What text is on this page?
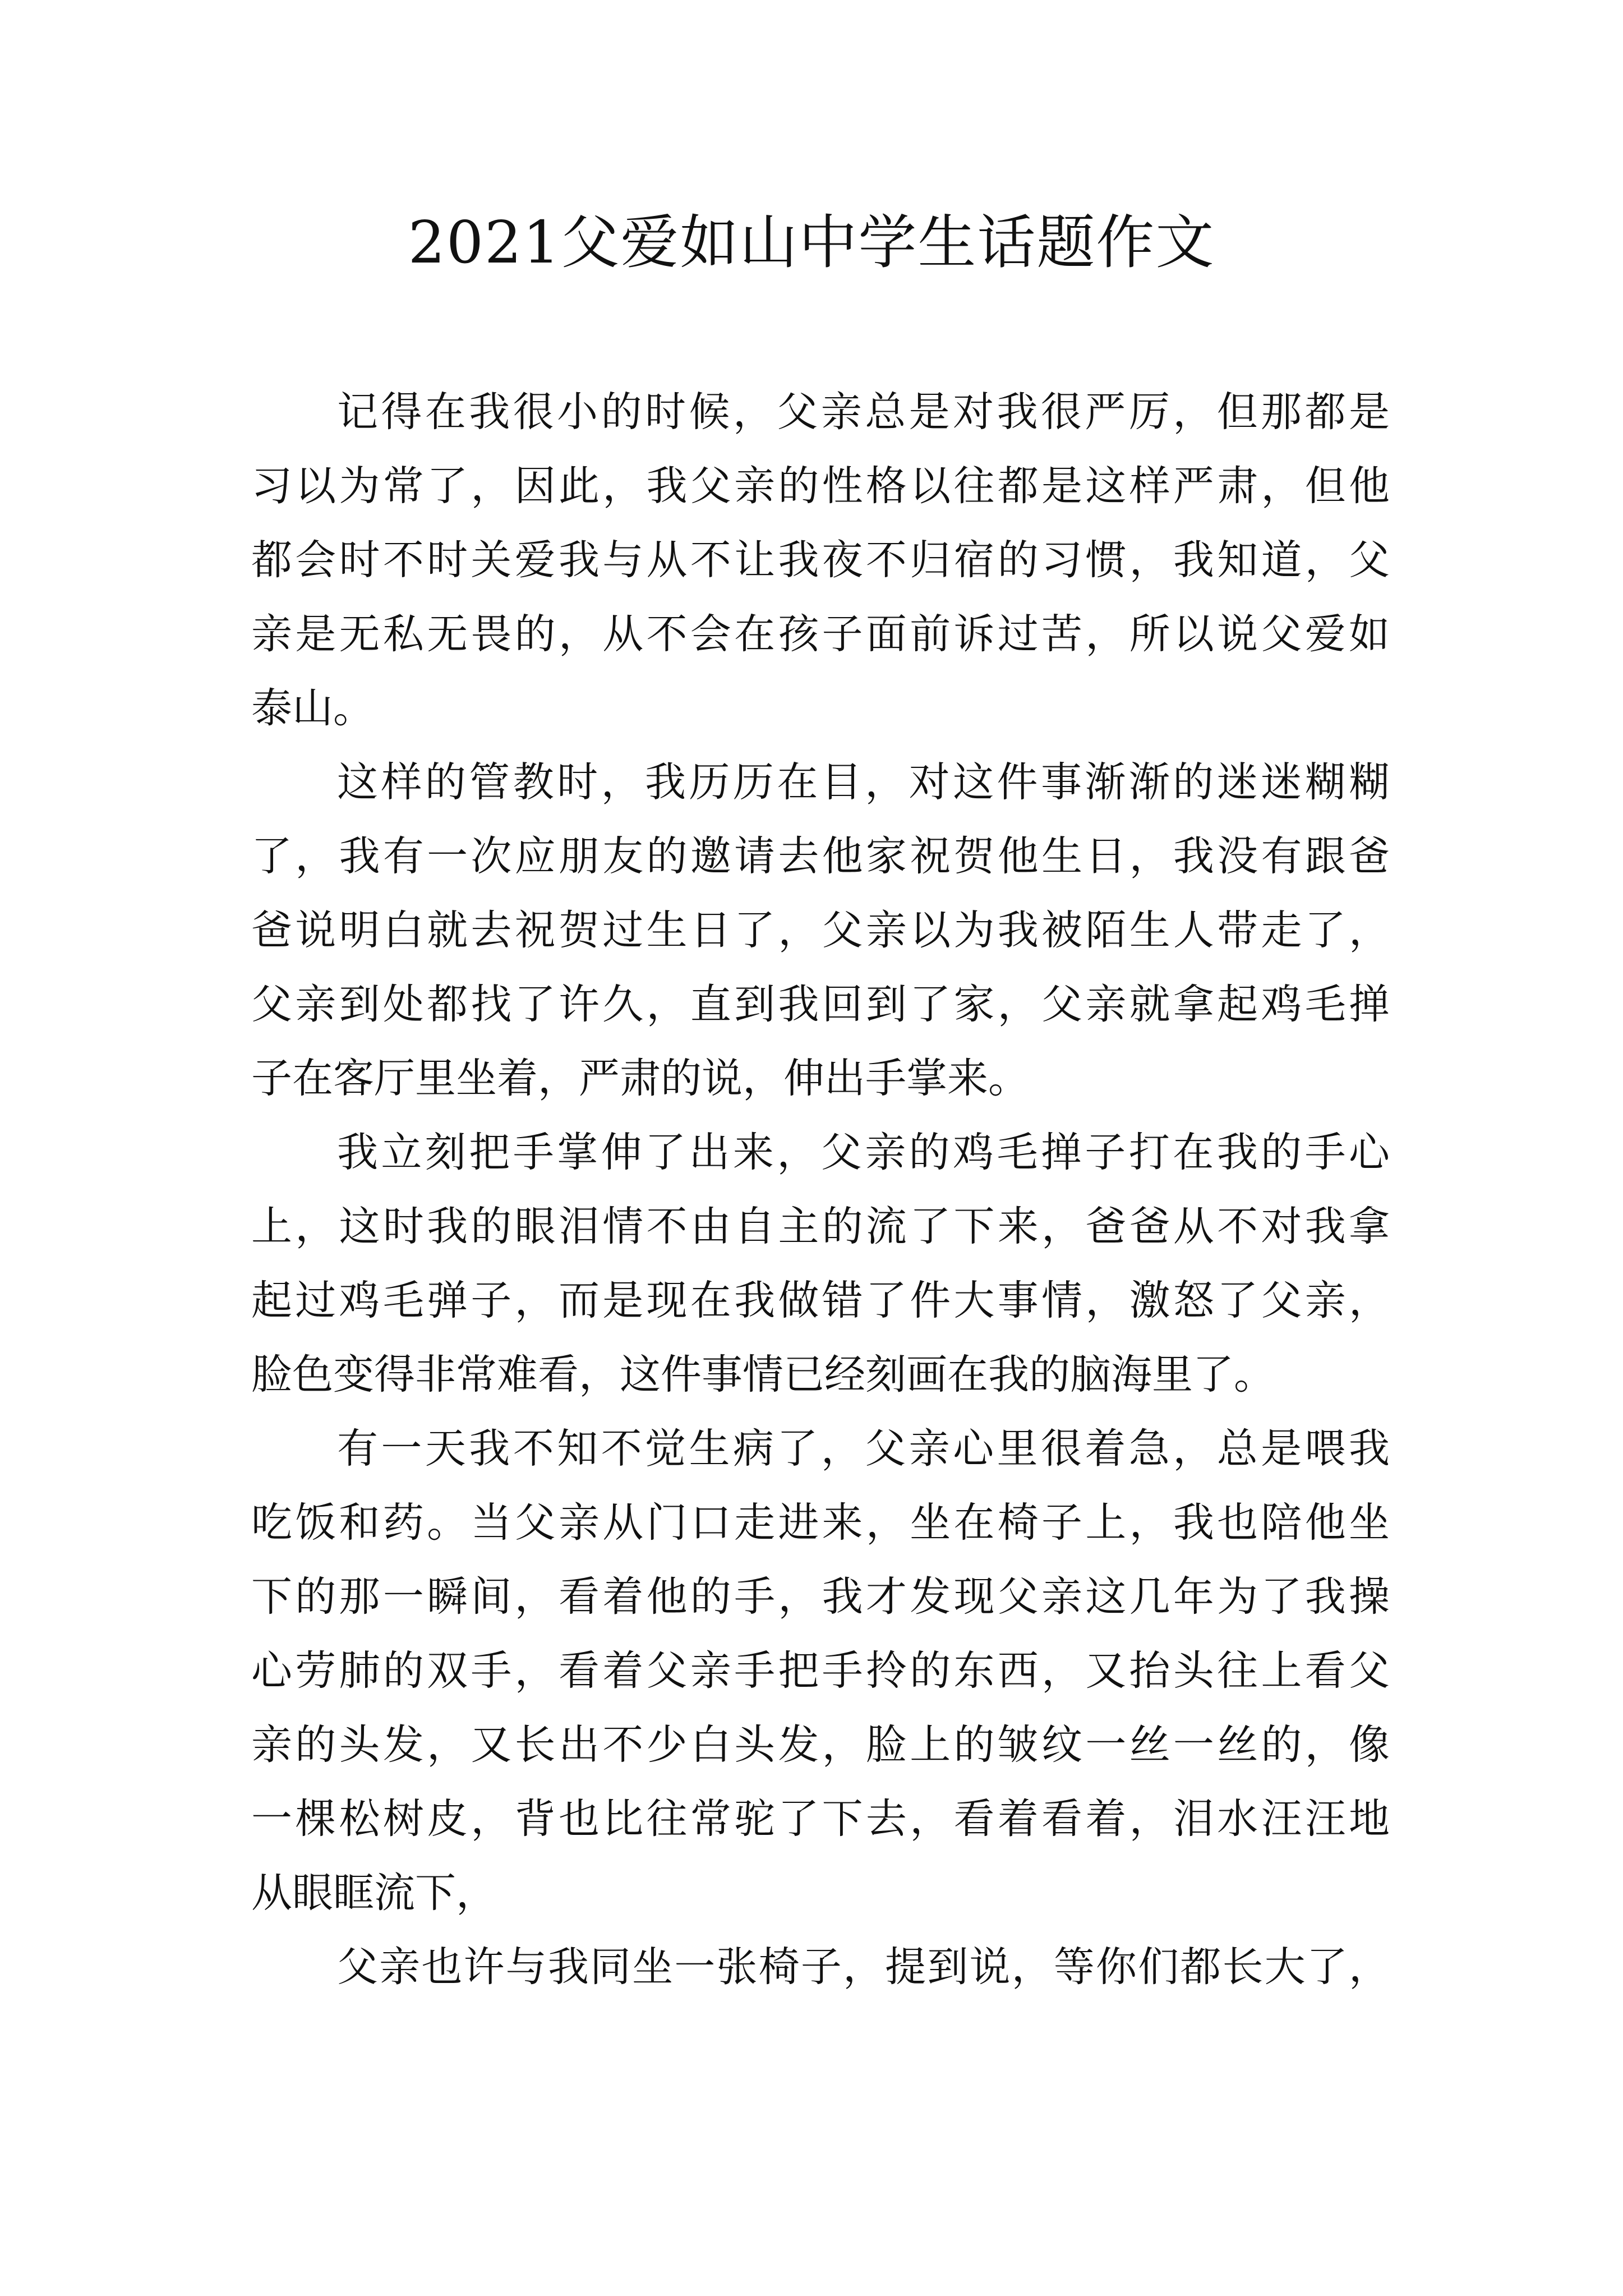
2021父爱如山中学生话题作文
记得在我很小的时候，父亲总是对我很严厉，但那都是
习以为常了，因此，我父亲的性格以往都是这样严肃，但他
都会时不时关爱我与从不让我夜不归宿的习惯，我知道，父
亲是无私无畏的，从不会在孩子面前诉过苦，所以说父爱如
泰山。
这样的管教时，我历历在目，对这件事渐渐的迷迷糊糊
了，我有一次应朋友的邀请去他家祝贺他生日，我没有跟爸
爸说明白就去祝贺过生日了，父亲以为我被陌生人带走了，
父亲到处都找了许久，直到我回到了家，父亲就拿起鸡毛掸
子在客厅里坐着，严肃的说，伸出手掌来。
我立刻把手掌伸了出来，父亲的鸡毛掸子打在我的手心
上，这时我的眼泪情不由自主的流了下来，爸爸从不对我拿
起过鸡毛弹子，而是现在我做错了件大事情，激怒了父亲，
脸色变得非常难看，这件事情已经刻画在我的脑海里了。
有一天我不知不觉生病了，父亲心里很着急，总是喂我
吃饭和药。当父亲从门口走进来，坐在椅子上，我也陪他坐
下的那一瞬间，看着他的手，我才发现父亲这几年为了我操
心劳肺的双手，看着父亲手把手拎的东西，又抬头往上看父
亲的头发，又长出不少白头发，脸上的皱纹一丝一丝的，像
一棵松树皮，背也比往常驼了下去，看着看着，泪水汪汪地
从眼眶流下，
父亲也许与我同坐一张椅子，提到说，等你们都长大了，
